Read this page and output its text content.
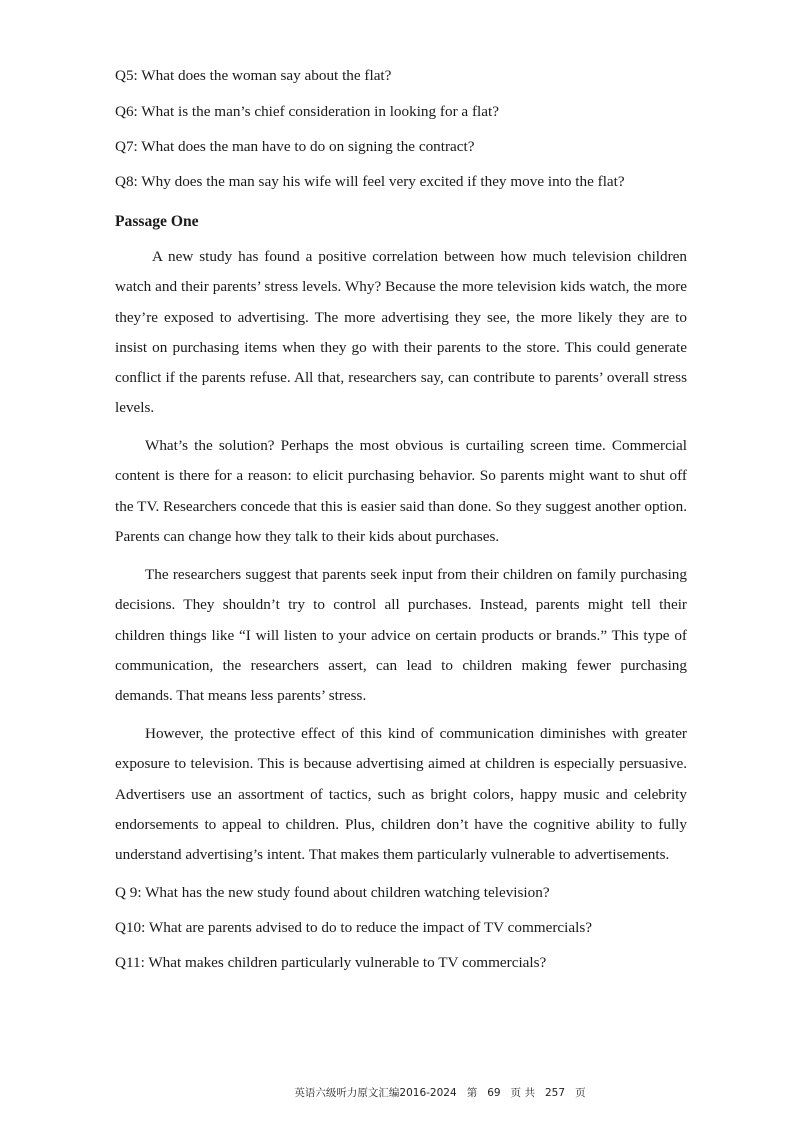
Q5: What does the woman say about the flat?

Q6: What is the man’s chief consideration in looking for a flat?

Q7: What does the man have to do on signing the contract?

Q8: Why does the man say his wife will feel very excited if they move into the flat?

Passage One

A new study has found a positive correlation between how much television children watch and their parents’ stress levels. Why? Because the more television kids watch, the more they’re exposed to advertising. The more advertising they see, the more likely they are to insist on purchasing items when they go with their parents to the store. This could generate conflict if the parents refuse. All that, researchers say, can contribute to parents’ overall stress levels.

What’s the solution? Perhaps the most obvious is curtailing screen time. Commercial content is there for a reason: to elicit purchasing behavior. So parents might want to shut off the TV. Researchers concede that this is easier said than done. So they suggest another option. Parents can change how they talk to their kids about purchases.

The researchers suggest that parents seek input from their children on family purchasing decisions. They shouldn’t try to control all purchases. Instead, parents might tell their children things like “I will listen to your advice on certain products or brands.” This type of communication, the researchers assert, can lead to children making fewer purchasing demands. That means less parents’ stress.

However, the protective effect of this kind of communication diminishes with greater exposure to television. This is because advertising aimed at children is especially persuasive. Advertisers use an assortment of tactics, such as bright colors, happy music and celebrity endorsements to appeal to children. Plus, children don’t have the cognitive ability to fully understand advertising’s intent. That makes them particularly vulnerable to advertisements.

Q 9: What has the new study found about children watching television?

Q10: What are parents advised to do to reduce the impact of TV commercials?

Q11: What makes children particularly vulnerable to TV commercials?

英语六级听力原文汇编2016-2024 第 69 页 共 257 页
